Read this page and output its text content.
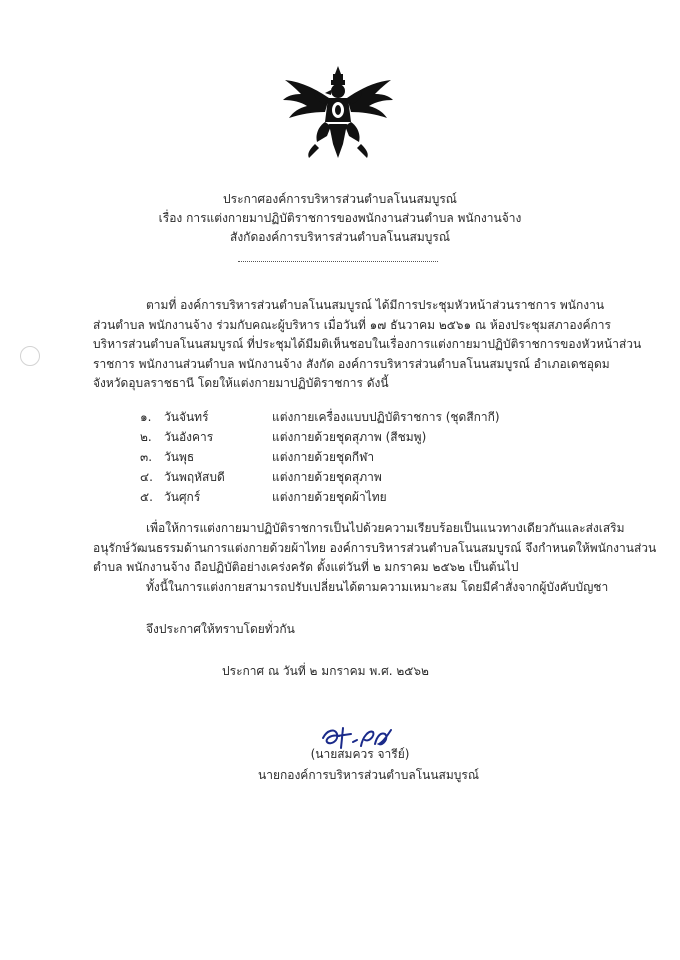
ประกาศองค์การบริหารส่วนตำบลโนนสมบูรณ์
เรื่อง การแต่งกายมาปฏิบัติราชการของพนักงานส่วนตำบล พนักงานจ้าง
สังกัดองค์การบริหารส่วนตำบลโนนสมบูรณ์
ตามที่ องค์การบริหารส่วนตำบลโนนสมบูรณ์ ได้มีการประชุมหัวหน้าส่วนราชการ พนักงาน
ส่วนตำบล พนักงานจ้าง ร่วมกับคณะผู้บริหาร เมื่อวันที่ ๑๗ ธันวาคม ๒๕๖๑ ณ ห้องประชุมสภาองค์การ
บริหารส่วนตำบลโนนสมบูรณ์ ที่ประชุมได้มีมติเห็นชอบในเรื่องการแต่งกายมาปฏิบัติราชการของหัวหน้าส่วน
ราชการ พนักงานส่วนตำบล พนักงานจ้าง สังกัด องค์การบริหารส่วนตำบลโนนสมบูรณ์ อำเภอเดชอุดม
จังหวัดอุบลราชธานี โดยให้แต่งกายมาปฏิบัติราชการ ดังนี้
๑.	วันจันทร์	แต่งกายเครื่องแบบปฏิบัติราชการ (ชุดสีกากี)
๒.	วันอังคาร	แต่งกายด้วยชุดสุภาพ (สีชมพู)
๓. วันพุธ	แต่งกายด้วยชุดกีฬา
๔. วันพฤหัสบดี	แต่งกายด้วยชุดสุภาพ
๕. วันศุกร์	แต่งกายด้วยชุดผ้าไทย
เพื่อให้การแต่งกายมาปฏิบัติราชการเป็นไปด้วยความเรียบร้อยเป็นแนวทางเดียวกันและส่งเสริม
อนุรักษ์วัฒนธรรมด้านการแต่งกายด้วยผ้าไทย องค์การบริหารส่วนตำบลโนนสมบูรณ์ จึงกำหนดให้พนักงานส่วน
ตำบล พนักงานจ้าง ถือปฏิบัติอย่างเคร่งครัด ตั้งแต่วันที่ ๒ มกราคม ๒๕๖๒ เป็นต้นไป
ทั้งนี้ในการแต่งกายสามารถปรับเปลี่ยนได้ตามความเหมาะสม โดยมีคำสั่งจากผู้บังคับบัญชา
จึงประกาศให้ทราบโดยทั่วกัน
ประกาศ ณ วันที่ ๒ มกราคม พ.ศ. ๒๕๖๒
(นายสมควร จารีย์)
นายกองค์การบริหารส่วนตำบลโนนสมบูรณ์
